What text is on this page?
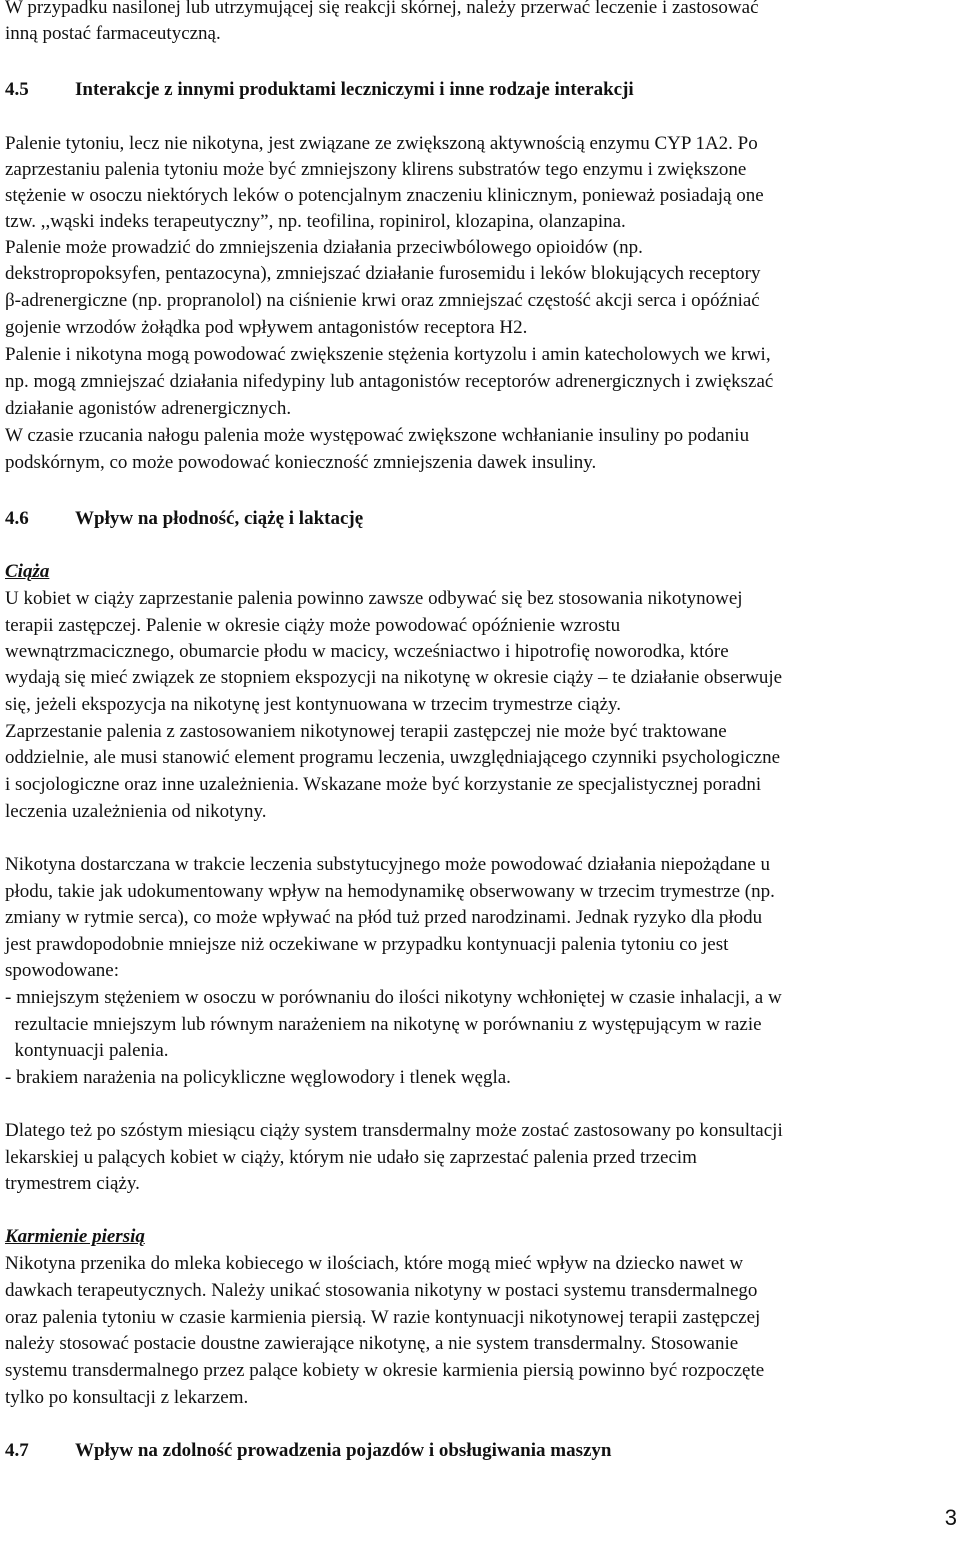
W przypadku nasilonej lub utrzymującej się reakcji skórnej, należy przerwać leczenie i zastosować
inną postać farmaceutyczną.
4.5 Interakcje z innymi produktami leczniczymi i inne rodzaje interakcji
Palenie tytoniu, lecz nie nikotyna, jest związane ze zwiększoną aktywnością enzymu CYP 1A2. Po
zaprzestaniu palenia tytoniu może być zmniejszony klirens substratów tego enzymu i zwiększone
stężenie w osoczu niektórych leków o potencjalnym znaczeniu klinicznym, ponieważ posiadają one
tzw. ,,wąski indeks terapeutyczny”, np. teofilina, ropinirol, klozapina, olanzapina.
Palenie może prowadzić do zmniejszenia działania przeciwbólowego opioidów (np.
dekstropropoksyfen, pentazocyna), zmniejszać działanie furosemidu i leków blokujących receptory
β-adrenergiczne (np. propranolol) na ciśnienie krwi oraz zmniejszać częstość akcji serca i opóźniać
gojenie wrzodów żołądka pod wpływem antagonistów receptora H2.
Palenie i nikotyna mogą powodować zwiększenie stężenia kortyzolu i amin katecholowych we krwi,
np. mogą zmniejszać działania nifedypiny lub antagonistów receptorów adrenergicznych i zwiększać
działanie agonistów adrenergicznych.
W czasie rzucania nałogu palenia może występować zwiększone wchłanianie insuliny po podaniu
podskórnym, co może powodować konieczność zmniejszenia dawek insuliny.
4.6 Wpływ na płodność, ciążę i laktację
Ciąża
U kobiet w ciąży zaprzestanie palenia powinno zawsze odbywać się bez stosowania nikotynowej
terapii zastępczej. Palenie w okresie ciąży może powodować opóźnienie wzrostu
wewnątrzmacicznego, obumarcie płodu w macicy, wcześniactwo i hipotrofię noworodka, które
wydają się mieć związek ze stopniem ekspozycji na nikotynę w okresie ciąży – te działanie obserwuje
się, jeżeli ekspozycja na nikotynę jest kontynuowana w trzecim trymestrze ciąży.
Zaprzestanie palenia z zastosowaniem nikotynowej terapii zastępczej nie może być traktowane
oddzielnie, ale musi stanowić element programu leczenia, uwzględniającego czynniki psychologiczne
i socjologiczne oraz inne uzależnienia. Wskazane może być korzystanie ze specjalistycznej poradni
leczenia uzależnienia od nikotyny.
Nikotyna dostarczana w trakcie leczenia substytucyjnego może powodować działania niepożądane u
płodu, takie jak udokumentowany wpływ na hemodynamikę obserwowany w trzecim trymestrze (np.
zmiany w rytmie serca), co może wpływać na płód tuż przed narodzinami. Jednak ryzyko dla płodu
jest prawdopodobnie mniejsze niż oczekiwane w przypadku kontynuacji palenia tytoniu co jest
spowodowane:
- mniejszym stężeniem w osoczu w porównaniu do ilości nikotyny wchłoniętej w czasie inhalacji, a w
rezultacie mniejszym lub równym narażeniem na nikotynę w porównaniu z występującym w razie
kontynuacji palenia.
- brakiem narażenia na policykliczne węglowodory i tlenek węgla.
Dlatego też po szóstym miesiącu ciąży system transdermalny może zostać zastosowany po konsultacji
lekarskiej u palących kobiet w ciąży, którym nie udało się zaprzestać palenia przed trzecim
trymestrem ciąży.
Karmienie piersią
Nikotyna przenika do mleka kobiecego w ilościach, które mogą mieć wpływ na dziecko nawet w
dawkach terapeutycznych. Należy unikać stosowania nikotyny w postaci systemu transdermalnego
oraz palenia tytoniu w czasie karmienia piersią. W razie kontynuacji nikotynowej terapii zastępczej
należy stosować postacie doustne zawierające nikotynę, a nie system transdermalny. Stosowanie
systemu transdermalnego przez palące kobiety w okresie karmienia piersią powinno być rozpoczęte
tylko po konsultacji z lekarzem.
4.7 Wpływ na zdolność prowadzenia pojazdów i obsługiwania maszyn
3
